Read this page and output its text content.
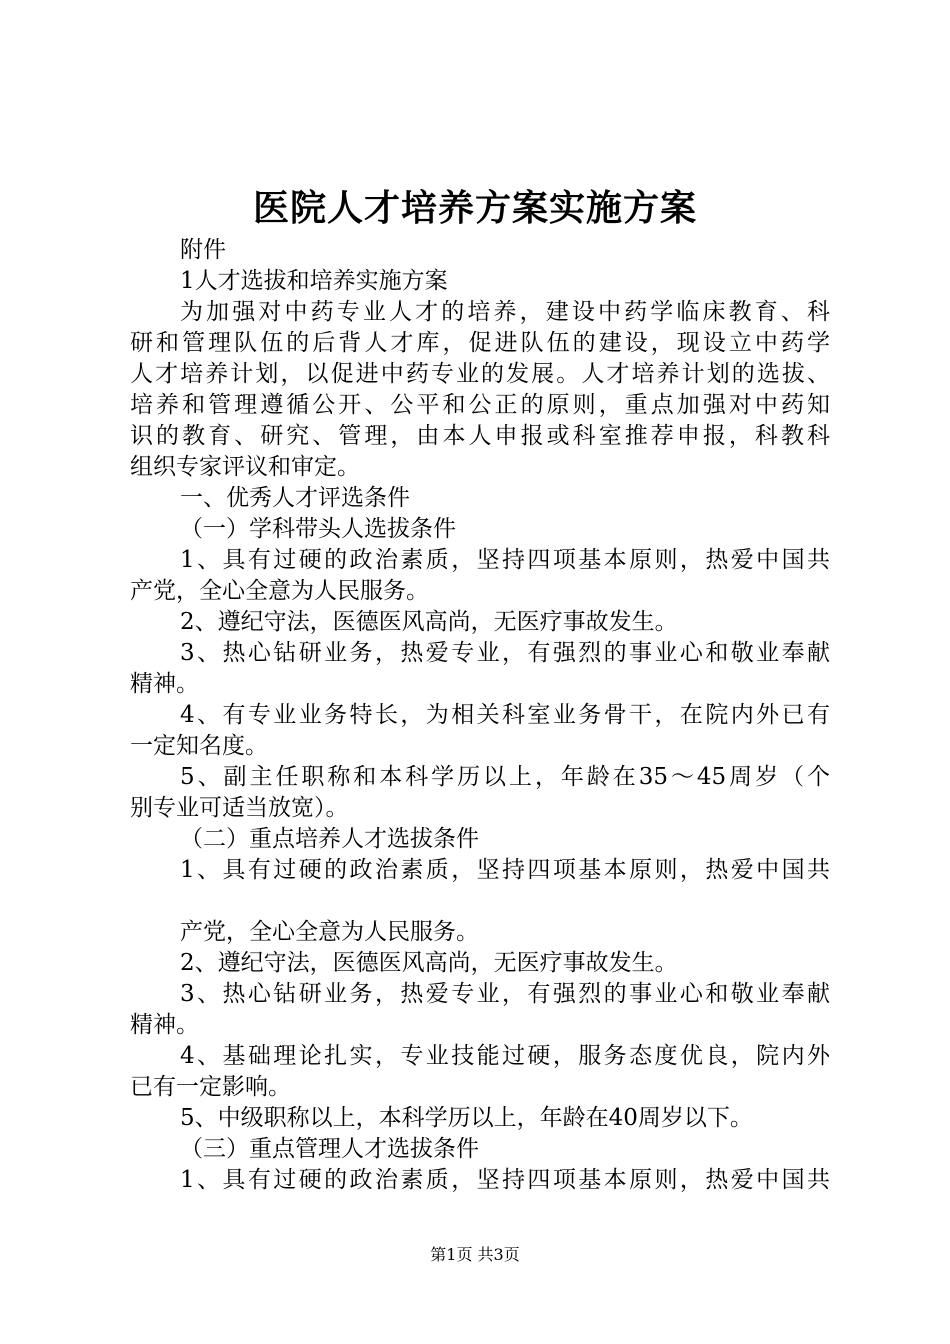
医院人才培养方案实施方案
附件
1人才选拔和培养实施方案
为加强对中药专业人才的培养，建设中药学临床教育、科
研和管理队伍的后背人才库，促进队伍的建设，现设立中药学
人才培养计划，以促进中药专业的发展。人才培养计划的选拔、
培养和管理遵循公开、公平和公正的原则，重点加强对中药知
识的教育、研究、管理，由本人申报或科室推荐申报，科教科
组织专家评议和审定。
一、优秀人才评选条件
（一）学科带头人选拔条件
1、具有过硬的政治素质，坚持四项基本原则，热爱中国共
产党，全心全意为人民服务。
2、遵纪守法，医德医风高尚，无医疗事故发生。
3、热心钻研业务，热爱专业，有强烈的事业心和敬业奉献
精神。
4、有专业业务特长，为相关科室业务骨干，在院内外已有
一定知名度。
5、副主任职称和本科学历以上，年龄在35～45周岁（个
别专业可适当放宽）。
（二）重点培养人才选拔条件
1、具有过硬的政治素质，坚持四项基本原则，热爱中国共
产党，全心全意为人民服务。
2、遵纪守法，医德医风高尚，无医疗事故发生。
3、热心钻研业务，热爱专业，有强烈的事业心和敬业奉献
精神。
4、基础理论扎实，专业技能过硬，服务态度优良，院内外
已有一定影响。
5、中级职称以上，本科学历以上，年龄在40周岁以下。
（三）重点管理人才选拔条件
1、具有过硬的政治素质，坚持四项基本原则，热爱中国共
第1页 共3页
